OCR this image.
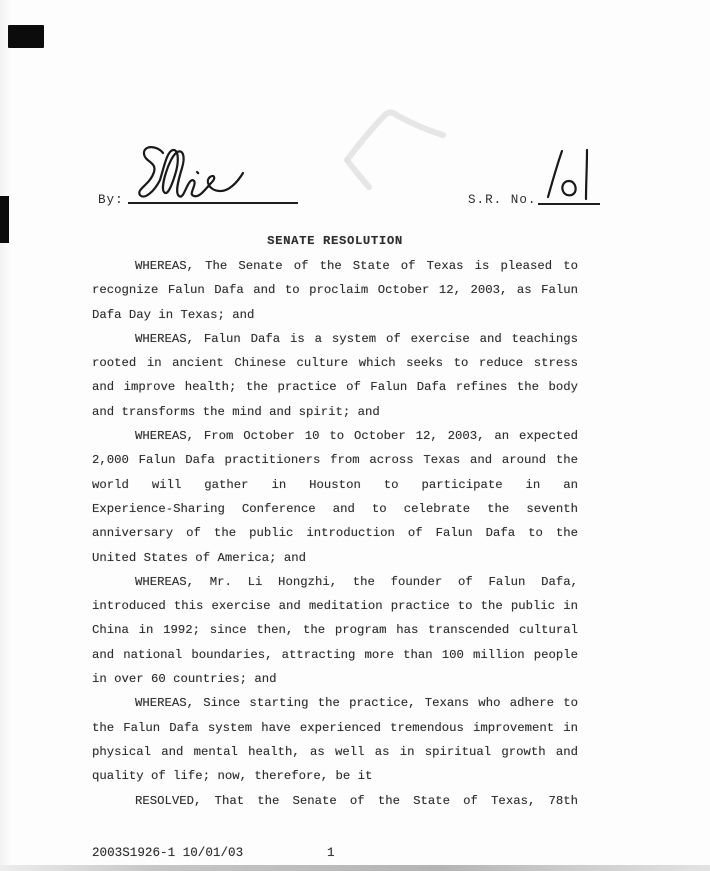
By:	S.R. No.
SENATE RESOLUTION
WHEREAS, The Senate of the State of Texas is pleased to
recognize Falun Dafa and to proclaim October 12, 2003, as Falun
Dafa Day in Texas; and
WHEREAS, Falun Dafa is a system of exercise and teachings
rooted in ancient Chinese culture which seeks to reduce stress
and improve health; the practice of Falun Dafa refines the body
and transforms the mind and spirit; and
WHEREAS, From October 10 to October 12, 2003, an expected
2,000 Falun Dafa practitioners from across Texas and around the
world will gather in Houston to participate in an
Experience-Sharing Conference and to celebrate the seventh
anniversary of the public introduction of Falun Dafa to the
United States of America; and
WHEREAS, Mr. Li Hongzhi, the founder of Falun Dafa,
introduced this exercise and meditation practice to the public in
China in 1992; since then, the program has transcended cultural
and national boundaries, attracting more than 100 million people
in over 60 countries; and
WHEREAS, Since starting the practice, Texans who adhere to
the Falun Dafa system have experienced tremendous improvement in
physical and mental health, as well as in spiritual growth and
quality of life; now, therefore, be it
RESOLVED, That the Senate of the State of Texas, 78th
2003S1926-1 10/01/03	1
